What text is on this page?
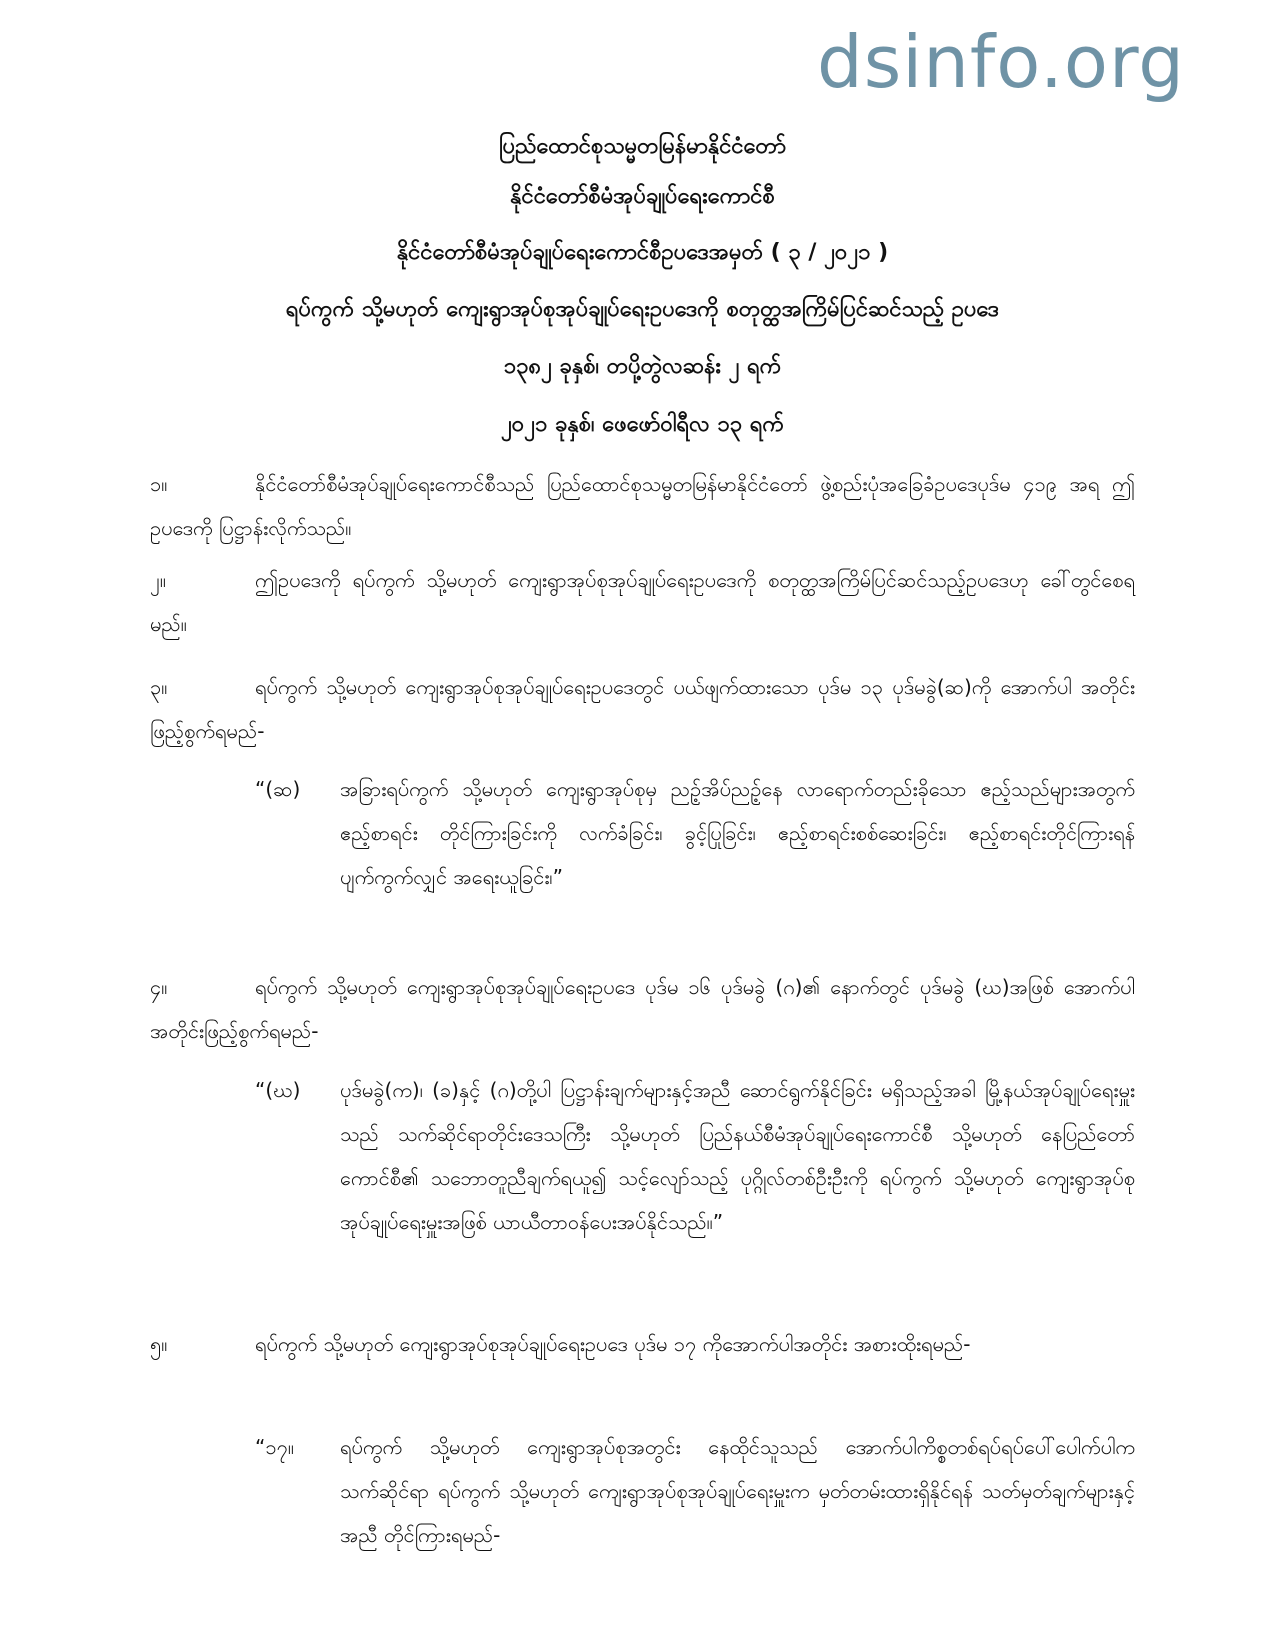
dsinfo.org
ပြည်ထောင်စုသမ္မတမြန်မာနိုင်ငံတော်
နိုင်ငံတော်စီမံအုပ်ချုပ်ရေးကောင်စီ
နိုင်ငံတော်စီမံအုပ်ချုပ်ရေးကောင်စီဥပဒေအမှတ် ( ၃ / ၂၀၂၁ )
ရပ်ကွက် သို့မဟုတ် ကျေးရွာအုပ်စုအုပ်ချုပ်ရေးဥပဒေကို စတုတ္ထအကြိမ်ပြင်ဆင်သည့် ဥပဒေ
၁၃၈၂ ခုနှစ်၊ တပို့တွဲလဆန်း ၂ ရက်
၂၀၂၁ ခုနှစ်၊ ဖေဖော်ဝါရီလ ၁၃ ရက်
၁။	နိုင်ငံတော်စီမံအုပ်ချုပ်ရေးကောင်စီသည် ပြည်ထောင်စုသမ္မတမြန်မာနိုင်ငံတော် ဖွဲ့စည်းပုံအခြေခံဥပဒေပုဒ်မ ၄၁၉ အရ ဤဥပဒေကို ပြဋ္ဌာန်းလိုက်သည်။
၂။	ဤဥပဒေကို ရပ်ကွက် သို့မဟုတ် ကျေးရွာအုပ်စုအုပ်ချုပ်ရေးဥပဒေကို စတုတ္ထအကြိမ်ပြင်ဆင်သည့်ဥပဒေဟု ခေါ်တွင်စေရမည်။
၃။	ရပ်ကွက် သို့မဟုတ် ကျေးရွာအုပ်စုအုပ်ချုပ်ရေးဥပဒေတွင် ပယ်ဖျက်ထားသော ပုဒ်မ ၁၃ ပုဒ်မခွဲ(ဆ)ကို အောက်ပါ အတိုင်း ဖြည့်စွက်ရမည်-
“(ဆ)	အခြားရပ်ကွက် သို့မဟုတ် ကျေးရွာအုပ်စုမှ ညဉ့်အိပ်ညဉ့်နေ လာရောက်တည်းခိုသော ဧည့်သည်များအတွက် ဧည့်စာရင်း တိုင်ကြားခြင်းကို လက်ခံခြင်း၊ ခွင့်ပြုခြင်း၊ ဧည့်စာရင်းစစ်ဆေးခြင်း၊ ဧည့်စာရင်းတိုင်ကြားရန် ပျက်ကွက်လျှင် အရေးယူခြင်း၊”
၄။	ရပ်ကွက် သို့မဟုတ် ကျေးရွာအုပ်စုအုပ်ချုပ်ရေးဥပဒေ ပုဒ်မ ၁၆ ပုဒ်မခွဲ (ဂ)၏ နောက်တွင် ပုဒ်မခွဲ (ဃ)အဖြစ် အောက်ပါအတိုင်းဖြည့်စွက်ရမည်-
“(ဃ)	ပုဒ်မခွဲ(က)၊ (ခ)နှင့် (ဂ)တို့ပါ ပြဋ္ဌာန်းချက်များနှင့်အညီ ဆောင်ရွက်နိုင်ခြင်း မရှိသည့်အခါ မြို့နယ်အုပ်ချုပ်ရေးမှူးသည် သက်ဆိုင်ရာတိုင်းဒေသကြီး သို့မဟုတ် ပြည်နယ်စီမံအုပ်ချုပ်ရေးကောင်စီ သို့မဟုတ် နေပြည်တော်ကောင်စီ၏ သဘောတူညီချက်ရယူ၍ သင့်လျော်သည့် ပုဂ္ဂိုလ်တစ်ဦးဦးကို ရပ်ကွက် သို့မဟုတ် ကျေးရွာအုပ်စုအုပ်ချုပ်ရေးမှူးအဖြစ် ယာယီတာဝန်ပေးအပ်နိုင်သည်။”
၅။	ရပ်ကွက် သို့မဟုတ် ကျေးရွာအုပ်စုအုပ်ချုပ်ရေးဥပဒေ ပုဒ်မ ၁၇ ကိုအောက်ပါအတိုင်း အစားထိုးရမည်-
“၁၇။	ရပ်ကွက် သို့မဟုတ် ကျေးရွာအုပ်စုအတွင်း နေထိုင်သူသည် အောက်ပါကိစ္စတစ်ရပ်ရပ်ပေါ်ပေါက်ပါက သက်ဆိုင်ရာ ရပ်ကွက် သို့မဟုတ် ကျေးရွာအုပ်စုအုပ်ချုပ်ရေးမှူးက မှတ်တမ်းထားရှိနိုင်ရန် သတ်မှတ်ချက်များနှင့်အညီ တိုင်ကြားရမည်-
